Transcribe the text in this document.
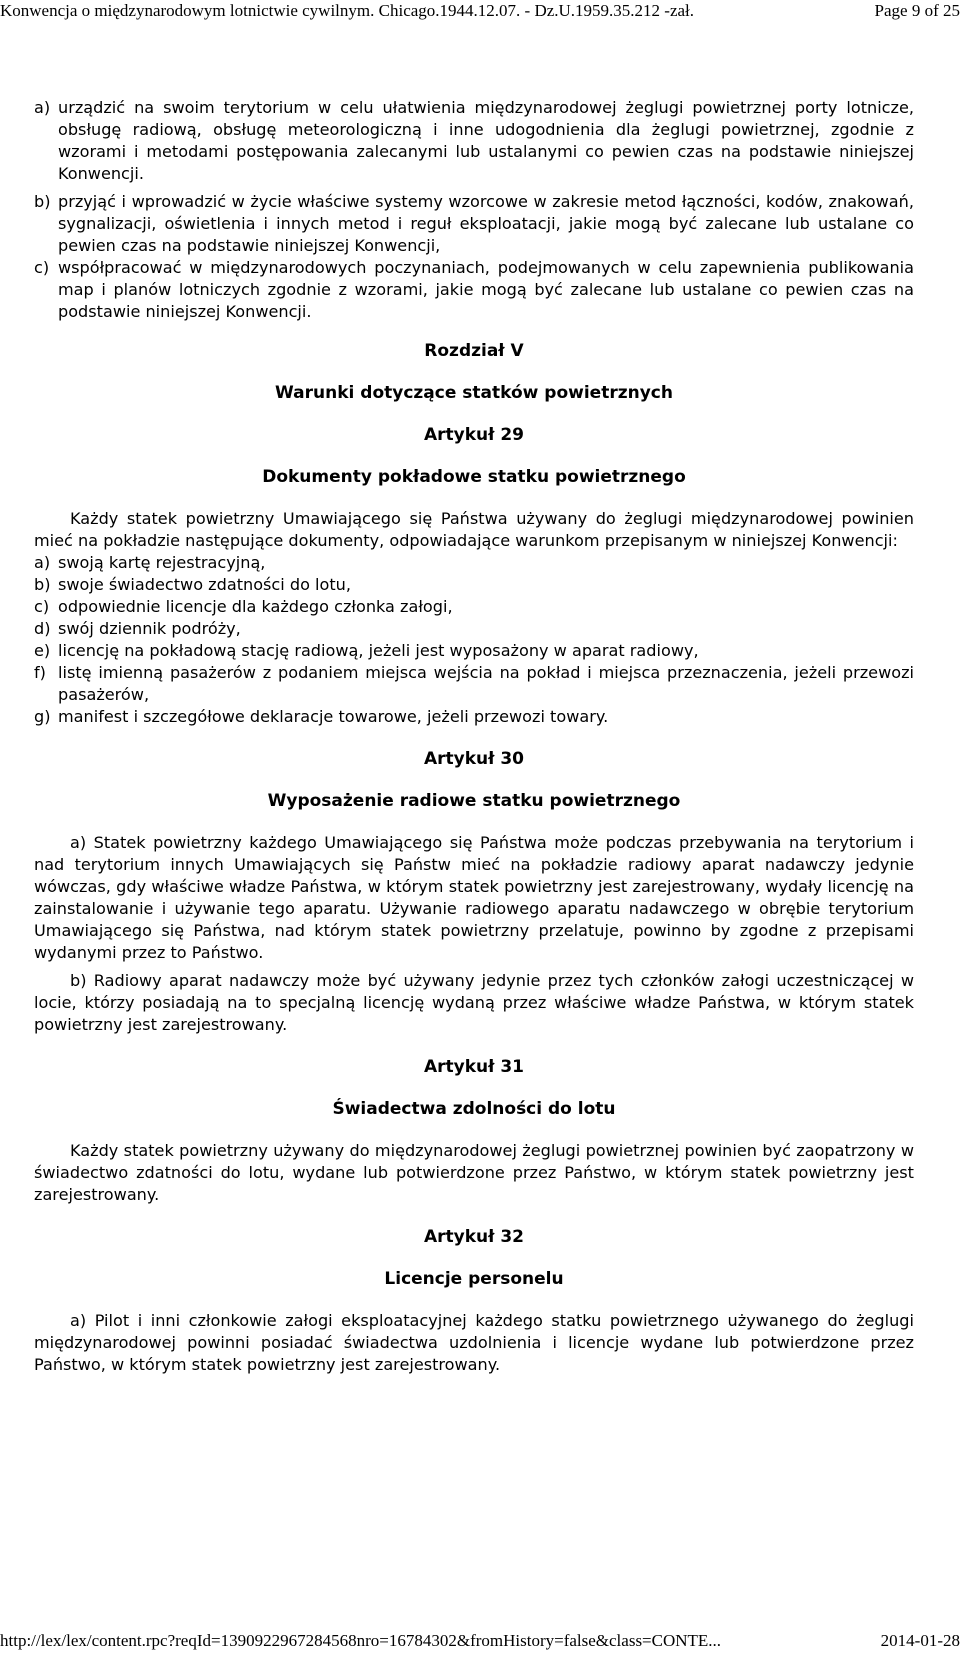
Konwencja o międzynarodowym lotnictwie cywilnym. Chicago.1944.12.07. - Dz.U.1959.35.212 -zał.	Page 9 of 25
a) urządzić na swoim terytorium w celu ułatwienia międzynarodowej żeglugi powietrznej porty lotnicze, obsługę radiową, obsługę meteorologiczną i inne udogodnienia dla żeglugi powietrznej, zgodnie z wzorami i metodami postępowania zalecanymi lub ustalanymi co pewien czas na podstawie niniejszej Konwencji.
b) przyjąć i wprowadzić w życie właściwe systemy wzorcowe w zakresie metod łączności, kodów, znakowań, sygnalizacji, oświetlenia i innych metod i reguł eksploatacji, jakie mogą być zalecane lub ustalane co pewien czas na podstawie niniejszej Konwencji,
c) współpracować w międzynarodowych poczynaniach, podejmowanych w celu zapewnienia publikowania map i planów lotniczych zgodnie z wzorami, jakie mogą być zalecane lub ustalane co pewien czas na podstawie niniejszej Konwencji.
Rozdział V
Warunki dotyczące statków powietrznych
Artykuł 29
Dokumenty pokładowe statku powietrznego

Każdy statek powietrzny Umawiającego się Państwa używany do żeglugi międzynarodowej powinien mieć na pokładzie następujące dokumenty, odpowiadające warunkom przepisanym w niniejszej Konwencji:

a) swoją kartę rejestracyjną,
b) swoje świadectwo zdatności do lotu,
c) odpowiednie licencje dla każdego członka załogi,
d) swój dziennik podróży,
e) licencję na pokładową stację radiową, jeżeli jest wyposażony w aparat radiowy,
f) listę imienną pasażerów z podaniem miejsca wejścia na pokład i miejsca przeznaczenia, jeżeli przewozi pasażerów,
g) manifest i szczegółowe deklaracje towarowe, jeżeli przewozi towary.
Artykuł 30
Wyposażenie radiowe statku powietrznego

a) Statek powietrzny każdego Umawiającego się Państwa może podczas przebywania na terytorium i nad terytorium innych Umawiających się Państw mieć na pokładzie radiowy aparat nadawczy jedynie wówczas, gdy właściwe władze Państwa, w którym statek powietrzny jest zarejestrowany, wydały licencję na zainstalowanie i używanie tego aparatu. Używanie radiowego aparatu nadawczego w obrębie terytorium Umawiającego się Państwa, nad którym statek powietrzny przelatuje, powinno by zgodne z przepisami wydanymi przez to Państwo.

b) Radiowy aparat nadawczy może być używany jedynie przez tych członków załogi uczestniczącej w locie, którzy posiadają na to specjalną licencję wydaną przez właściwe władze Państwa, w którym statek powietrzny jest zarejestrowany.

Artykuł 31
Świadectwa zdolności do lotu

Każdy statek powietrzny używany do międzynarodowej żeglugi powietrznej powinien być zaopatrzony w świadectwo zdatności do lotu, wydane lub potwierdzone przez Państwo, w którym statek powietrzny jest zarejestrowany.

Artykuł 32
Licencje personelu

a) Pilot i inni członkowie załogi eksploatacyjnej każdego statku powietrznego używanego do żeglugi międzynarodowej powinni posiadać świadectwa uzdolnienia i licencje wydane lub potwierdzone przez Państwo, w którym statek powietrzny jest zarejestrowany.

http://lex/lex/content.rpc?reqId=1390922967284568nro=16784302&fromHistory=false&class=CONTE...	2014-01-28
